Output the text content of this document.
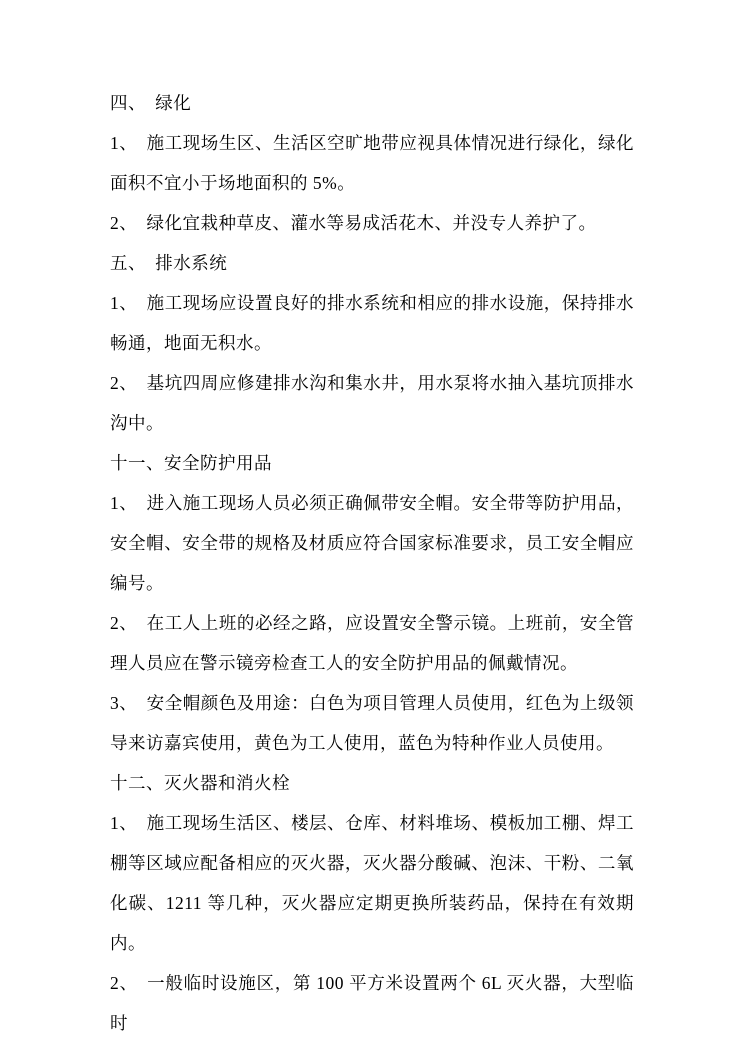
四、　绿化

1、　施工现场生区、生活区空旷地带应视具体情况进行绿化，绿化面积不宜小于场地面积的 5%。

2、　绿化宜栽种草皮、灌水等易成活花木、并没专人养护了。

五、　排水系统

1、　施工现场应设置良好的排水系统和相应的排水设施，保持排水畅通，地面无积水。

2、　基坑四周应修建排水沟和集水井，用水泵将水抽入基坑顶排水沟中。

十一、安全防护用品

1、　进入施工现场人员必须正确佩带安全帽。安全带等防护用品，安全帽、安全带的规格及材质应符合国家标准要求，员工安全帽应编号。

2、　在工人上班的必经之路，应设置安全警示镜。上班前，安全管理人员应在警示镜旁检查工人的安全防护用品的佩戴情况。

3、　安全帽颜色及用途：白色为项目管理人员使用，红色为上级领导来访嘉宾使用，黄色为工人使用，蓝色为特种作业人员使用。

十二、灭火器和消火栓

1、　施工现场生活区、楼层、仓库、材料堆场、模板加工棚、焊工棚等区域应配备相应的灭火器，灭火器分酸碱、泡沫、干粉、二氧化碳、1211 等几种，灭火器应定期更换所装药品，保持在有效期内。

2、　一般临时设施区，第 100 平方米设置两个 6L 灭火器，大型临时
